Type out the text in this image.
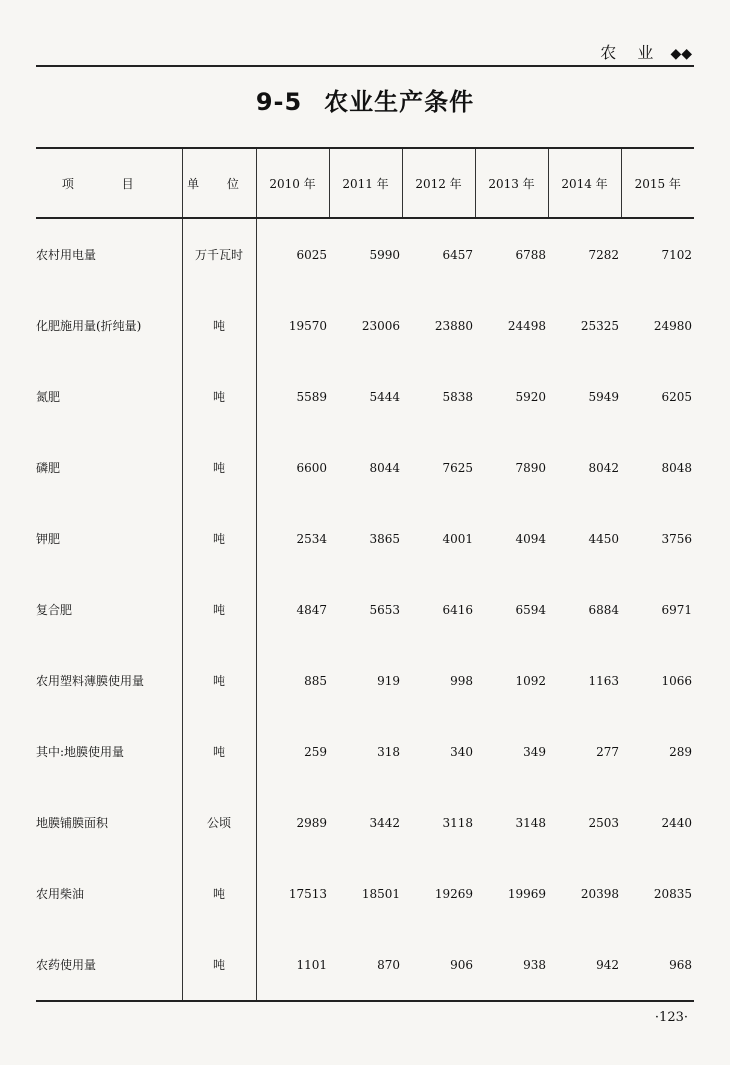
农 业 ◆◆
9-5 农业生产条件
项 目	单 位	2010 年	2011 年	2012 年	2013 年	2014 年	2015 年
农村用电量	万千瓦时	6025	5990	6457	6788	7282	7102
化肥施用量(折纯量)	吨	19570	23006	23880	24498	25325	24980
氮肥	吨	5589	5444	5838	5920	5949	6205
磷肥	吨	6600	8044	7625	7890	8042	8048
钾肥	吨	2534	3865	4001	4094	4450	3756
复合肥	吨	4847	5653	6416	6594	6884	6971
农用塑料薄膜使用量	吨	885	919	998	1092	1163	1066
其中:地膜使用量	吨	259	318	340	349	277	289
地膜铺膜面积	公顷	2989	3442	3118	3148	2503	2440
农用柴油	吨	17513	18501	19269	19969	20398	20835
农药使用量	吨	1101	870	906	938	942	968
·123·
